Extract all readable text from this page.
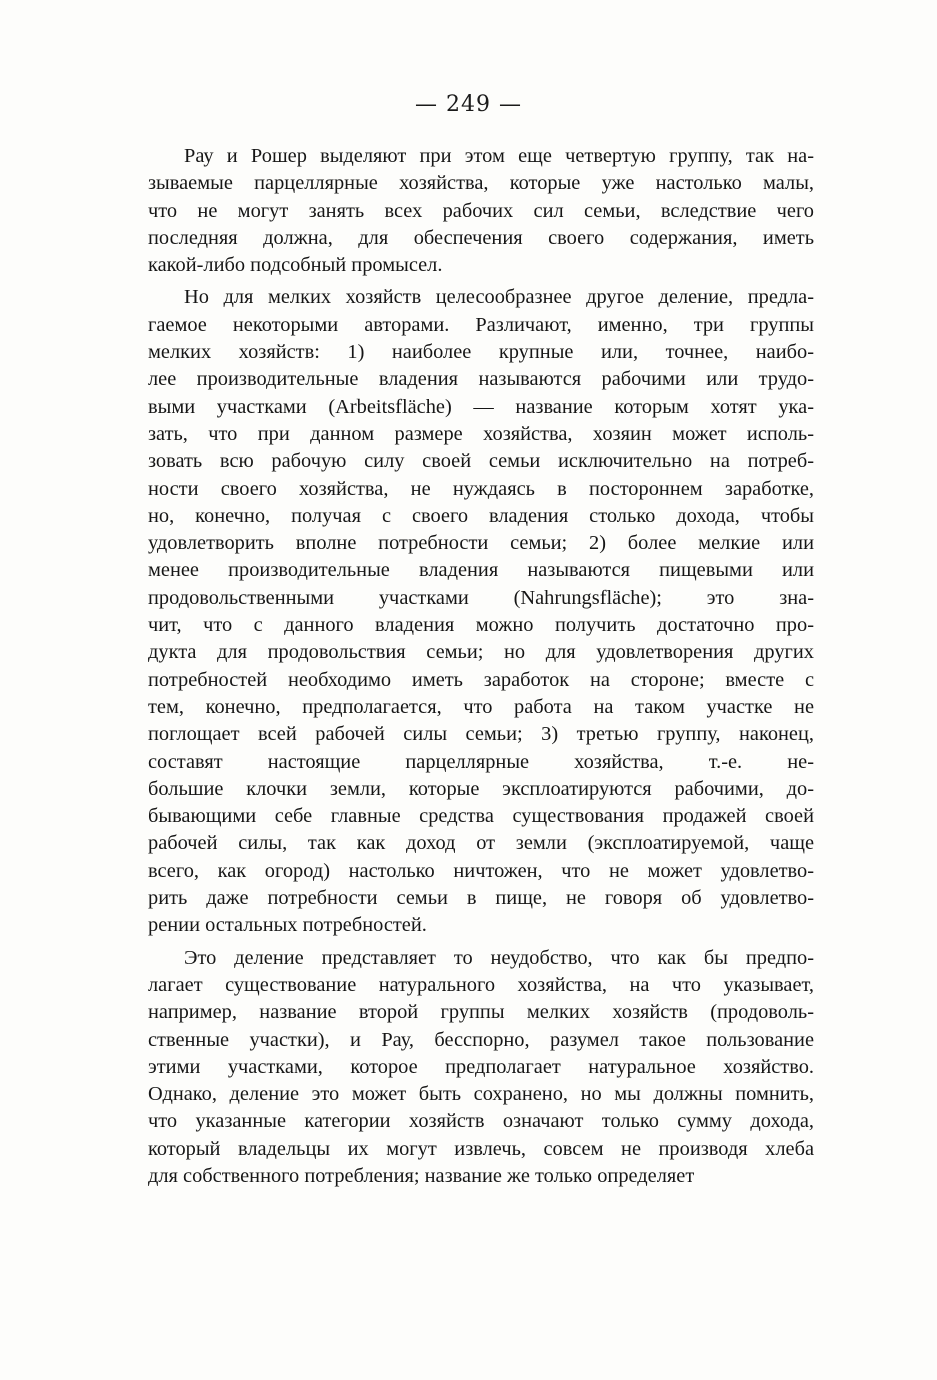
— 249 —
Рау и Рошер выделяют при этом еще четвертую группу, так на-
зываемые парцеллярные хозяйства, которые уже настолько малы,
что не могут занять всех рабочих сил семьи, вследствие чего
последняя должна, для обеспечения своего содержания, иметь
какой-либо подсобный промысел.
Но для мелких хозяйств целесообразнее другое деление, предла-
гаемое некоторыми авторами. Различают, именно, три группы
мелких хозяйств: 1) наиболее крупные или, точнее, наибо-
лее производительные владения называются рабочими или трудо-
выми участками (Arbeitsfläche) — название которым хотят ука-
зать, что при данном размере хозяйства, хозяин может исполь-
зовать всю рабочую силу своей семьи исключительно на потреб-
ности своего хозяйства, не нуждаясь в постороннем заработке,
но, конечно, получая с своего владения столько дохода, чтобы
удовлетворить вполне потребности семьи; 2) более мелкие или
менее производительные владения называются пищевыми или
продовольственными участками (Nahrungsfläche); это зна-
чит, что с данного владения можно получить достаточно про-
дукта для продовольствия семьи; но для удовлетворения других
потребностей необходимо иметь заработок на стороне; вместе с
тем, конечно, предполагается, что работа на таком участке не
поглощает всей рабочей силы семьи; 3) третью группу, наконец,
составят настоящие парцеллярные хозяйства, т.-е. не-
большие клочки земли, которые эксплоатируются рабочими, до-
бывающими себе главные средства существования продажей своей
рабочей силы, так как доход от земли (эксплоатируемой, чаще
всего, как огород) настолько ничтожен, что не может удовлетво-
рить даже потребности семьи в пище, не говоря об удовлетво-
рении остальных потребностей.
Это деление представляет то неудобство, что как бы предпо-
лагает существование натурального хозяйства, на что указывает,
например, название второй группы мелких хозяйств (продоволь-
ственные участки), и Рау, бесспорно, разумел такое пользование
этими участками, которое предполагает натуральное хозяйство.
Однако, деление это может быть сохранено, но мы должны помнить,
что указанные категории хозяйств означают только сумму дохода,
который владельцы их могут извлечь, совсем не производя хлеба
для собственного потребления; название же только определяет
